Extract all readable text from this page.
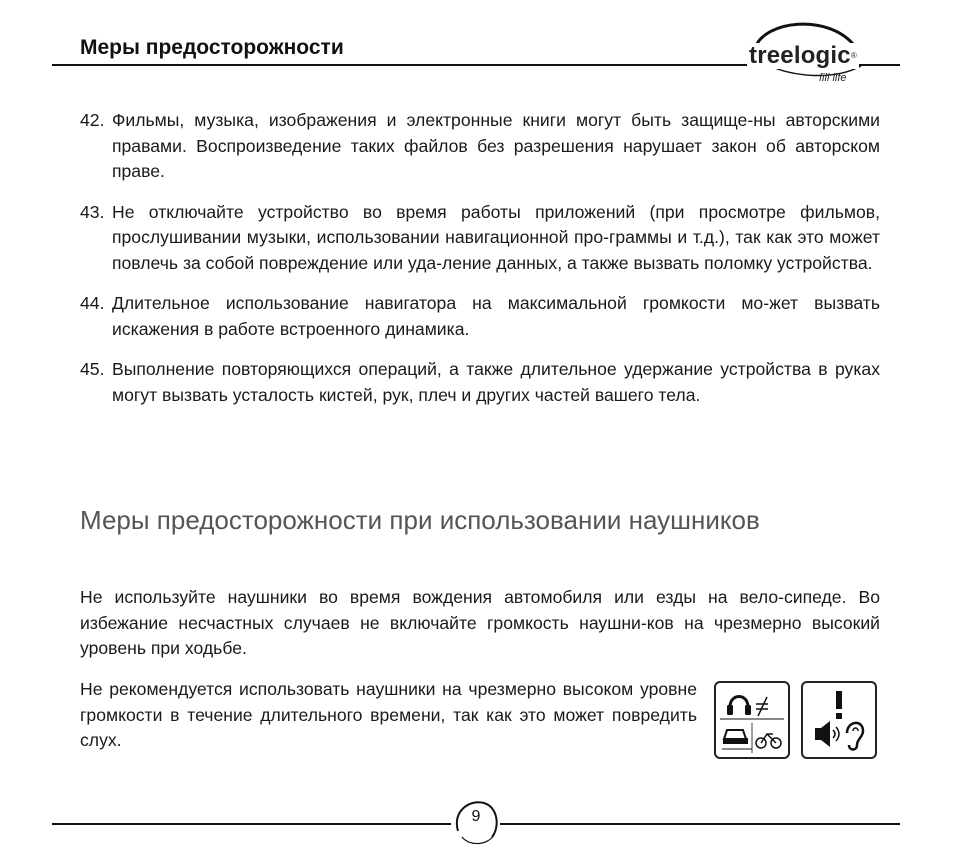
Меры предосторожности	treelogic®
fill life
42. Фильмы, музыка, изображения и электронные книги могут быть защище-ны авторскими правами. Воспроизведение таких файлов без разрешения нарушает закон об авторском праве.
43. Не отключайте устройство во время работы приложений (при просмотре фильмов, прослушивании музыки, использовании навигационной про-граммы и т.д.), так как это может повлечь за собой повреждение или уда-ление данных, а также вызвать поломку устройства.
44. Длительное использование навигатора на максимальной громкости мо-жет вызвать искажения в работе встроенного динамика.
45. Выполнение повторяющихся операций, а также длительное удержание устройства в руках могут вызвать усталость кистей, рук, плеч и других частей вашего тела.
Меры предосторожности при использовании наушников
Не используйте наушники во время вождения автомобиля или езды на вело-сипеде. Во избежание несчастных случаев не включайте громкость наушни-ков на чрезмерно высокий уровень при ходьбе.
Не рекомендуется использовать наушники на чрезмерно высоком уровне громкости в течение длительного времени, так как это может повредить слух.
9
